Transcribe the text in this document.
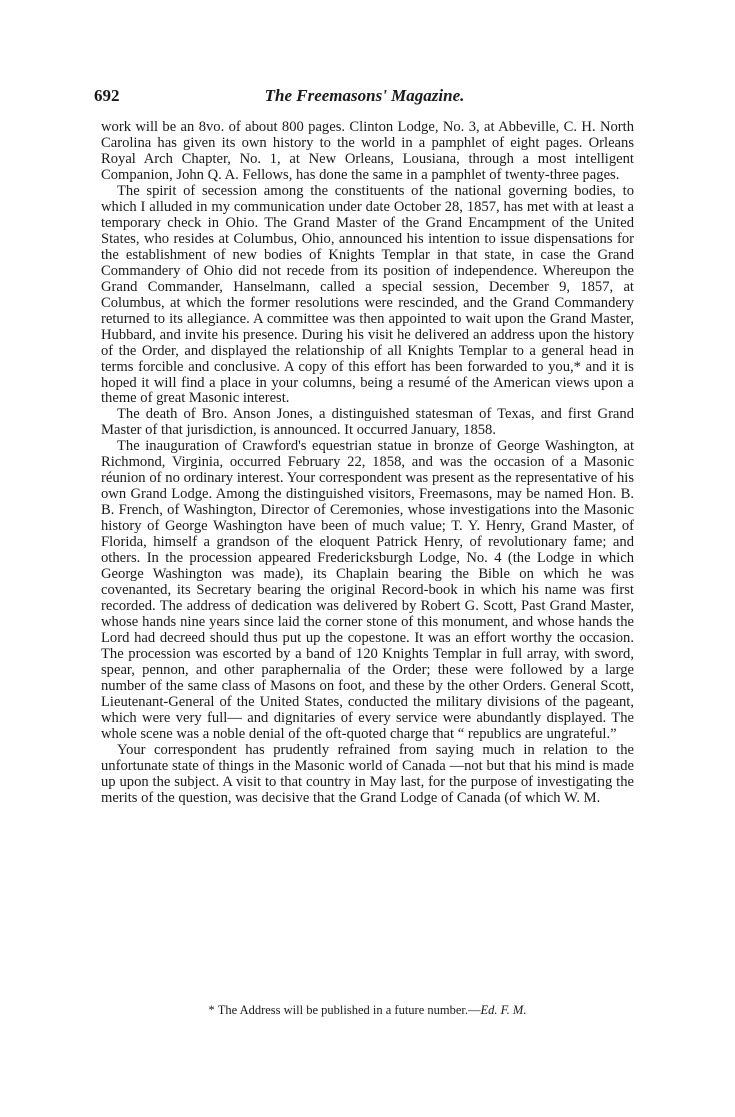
692	The Freemasons' Magazine.

work will be an 8vo. of about 800 pages. Clinton Lodge, No. 3, at Abbeville, C. H. North Carolina has given its own history to the world in a pamphlet of eight pages. Orleans Royal Arch Chapter, No. 1, at New Orleans, Lousiana, through a most intelligent Companion, John Q. A. Fellows, has done the same in a pamphlet of twenty-three pages.

The spirit of secession among the constituents of the national governing bodies, to which I alluded in my communication under date October 28, 1857, has met with at least a temporary check in Ohio. The Grand Master of the Grand Encampment of the United States, who resides at Columbus, Ohio, announced his intention to issue dispensations for the establishment of new bodies of Knights Templar in that state, in case the Grand Commandery of Ohio did not recede from its position of independence. Whereupon the Grand Commander, Hanselmann, called a special session, December 9, 1857, at Columbus, at which the former resolutions were rescinded, and the Grand Commandery returned to its allegiance. A committee was then appointed to wait upon the Grand Master, Hubbard, and invite his presence. During his visit he delivered an address upon the history of the Order, and displayed the relationship of all Knights Templar to a general head in terms forcible and conclusive. A copy of this effort has been forwarded to you,* and it is hoped it will find a place in your columns, being a resumé of the American views upon a theme of great Masonic interest.

The death of Bro. Anson Jones, a distinguished statesman of Texas, and first Grand Master of that jurisdiction, is announced. It occurred January, 1858.

The inauguration of Crawford's equestrian statue in bronze of George Washington, at Richmond, Virginia, occurred February 22, 1858, and was the occasion of a Masonic réunion of no ordinary interest. Your correspondent was present as the representative of his own Grand Lodge. Among the distinguished visitors, Freemasons, may be named Hon. B. B. French, of Washington, Director of Ceremonies, whose investigations into the Masonic history of George Washington have been of much value; T. Y. Henry, Grand Master, of Florida, himself a grandson of the eloquent Patrick Henry, of revolutionary fame; and others. In the procession appeared Fredericksburgh Lodge, No. 4 (the Lodge in which George Washington was made), its Chaplain bearing the Bible on which he was covenanted, its Secretary bearing the original Record-book in which his name was first recorded. The address of dedication was delivered by Robert G. Scott, Past Grand Master, whose hands nine years since laid the corner stone of this monument, and whose hands the Lord had decreed should thus put up the copestone. It was an effort worthy the occasion. The procession was escorted by a band of 120 Knights Templar in full array, with sword, spear, pennon, and other paraphernalia of the Order; these were followed by a large number of the same class of Masons on foot, and these by the other Orders. General Scott, Lieutenant-General of the United States, conducted the military divisions of the pageant, which were very full— and dignitaries of every service were abundantly displayed. The whole scene was a noble denial of the oft-quoted charge that “ republics are ungrateful.”

Your correspondent has prudently refrained from saying much in relation to the unfortunate state of things in the Masonic world of Canada —not but that his mind is made up upon the subject. A visit to that country in May last, for the purpose of investigating the merits of the question, was decisive that the Grand Lodge of Canada (of which W. M.

* The Address will be published in a future number.—Ed. F. M.
